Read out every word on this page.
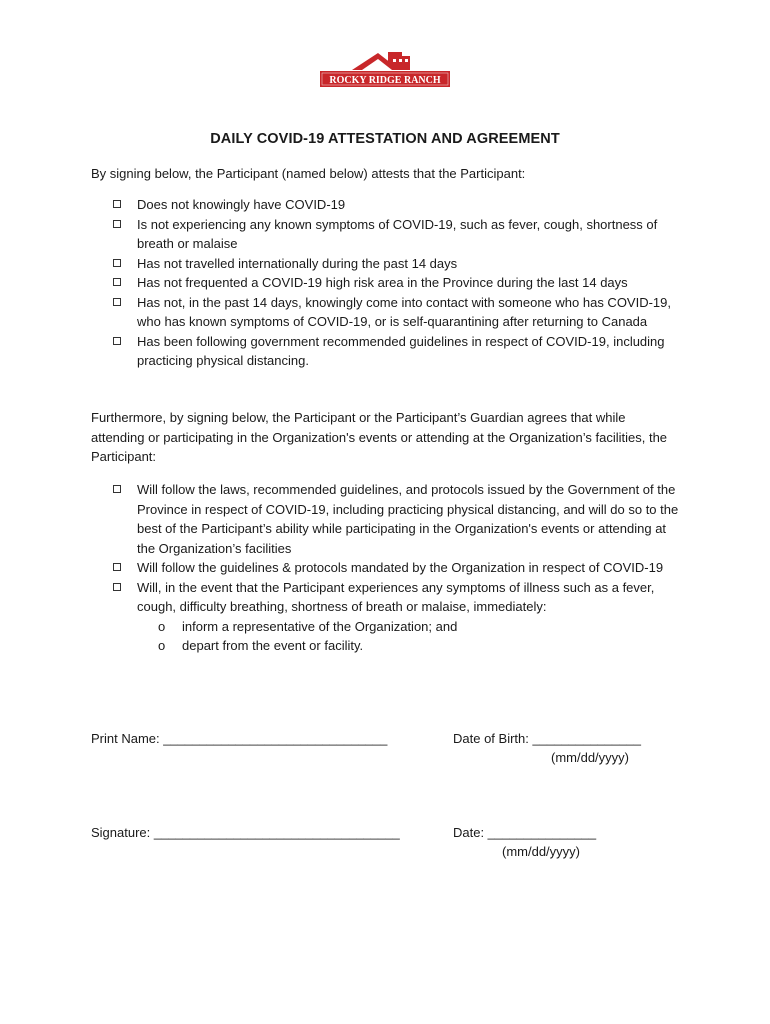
ROCKY RIDGE RANCH
DAILY COVID-19 ATTESTATION AND AGREEMENT
By signing below, the Participant (named below) attests that the Participant:
Does not knowingly have COVID-19
Is not experiencing any known symptoms of COVID-19, such as fever, cough, shortness of breath or malaise
Has not travelled internationally during the past 14 days
Has not frequented a COVID-19 high risk area in the Province during the last 14 days
Has not, in the past 14 days, knowingly come into contact with someone who has COVID-19, who has known symptoms of COVID-19, or is self-quarantining after returning to Canada
Has been following government recommended guidelines in respect of COVID-19, including practicing physical distancing.
Furthermore, by signing below, the Participant or the Participant’s Guardian agrees that while attending or participating in the Organization's events or attending at the Organization’s facilities, the Participant:
Will follow the laws, recommended guidelines, and protocols issued by the Government of the Province in respect of COVID-19, including practicing physical distancing, and will do so to the best of the Participant’s ability while participating in the Organization's events or attending at the Organization’s facilities
Will follow the guidelines & protocols mandated by the Organization in respect of COVID-19
Will, in the event that the Participant experiences any symptoms of illness such as a fever, cough, difficulty breathing, shortness of breath or malaise, immediately:
o inform a representative of the Organization; and
o depart from the event or facility.
Print Name: _______________________________	Date of Birth: _______________
(mm/dd/yyyy)
Signature: __________________________________	Date: _______________
(mm/dd/yyyy)
